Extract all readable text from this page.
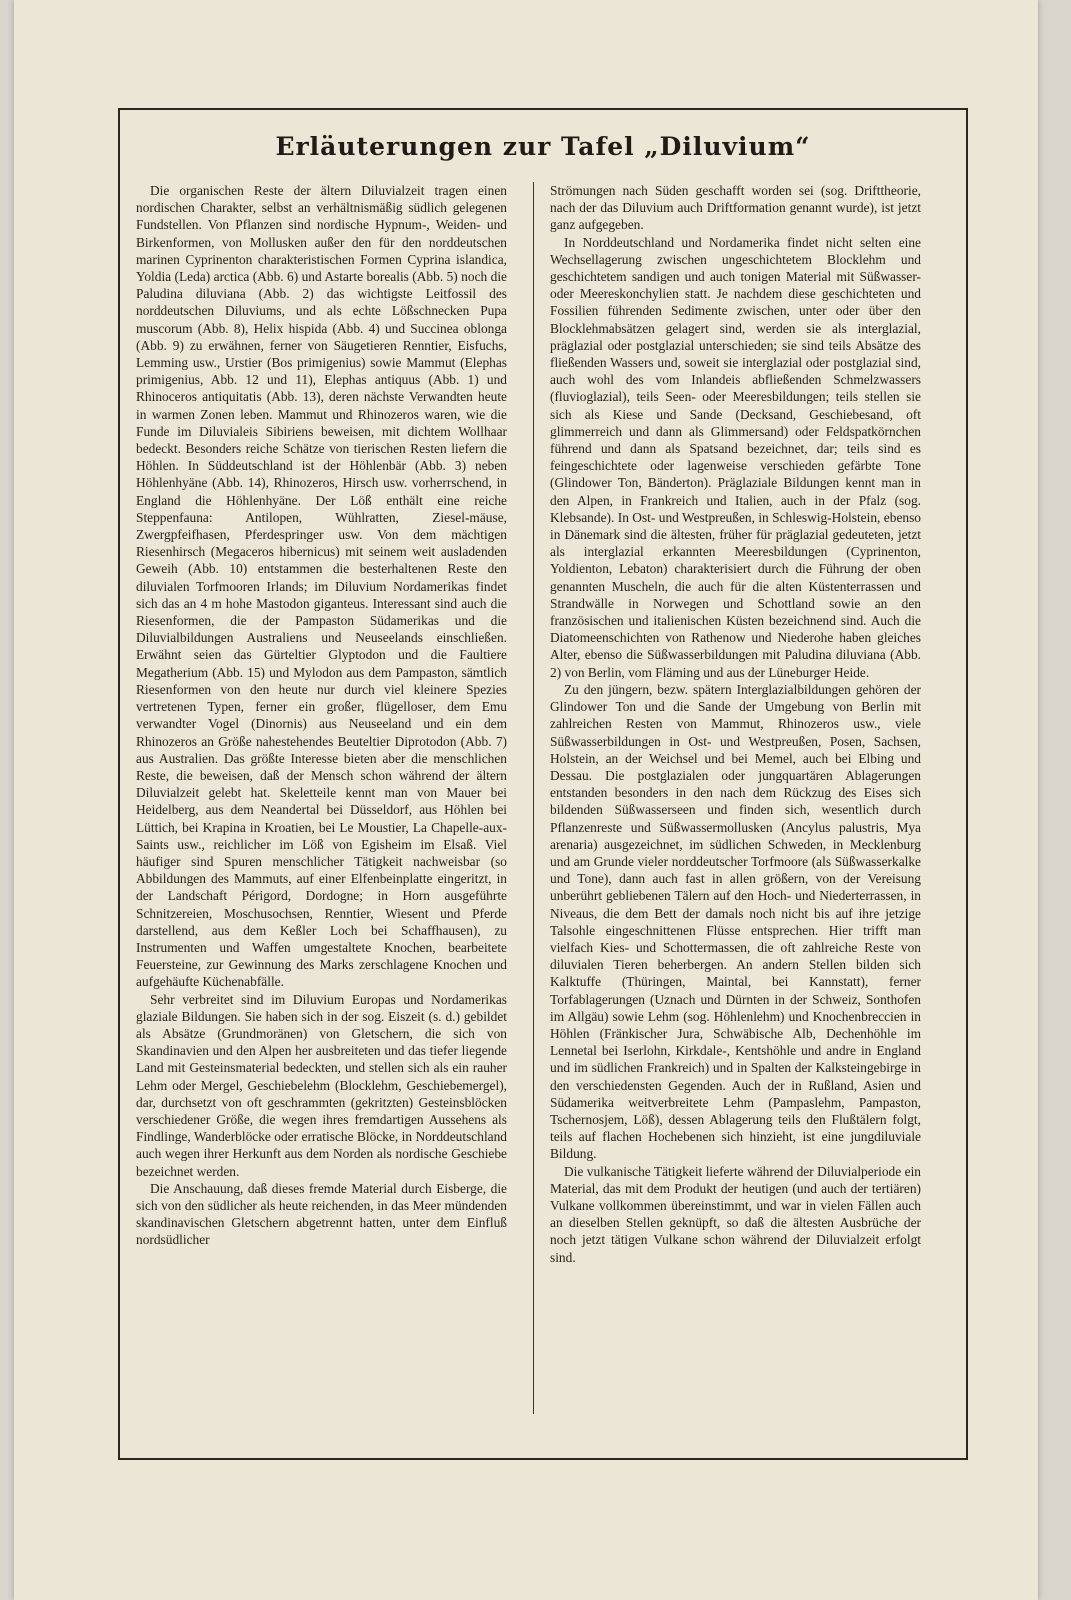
Erläuterungen zur Tafel „Diluvium“

Die organischen Reste der ältern Diluvialzeit tragen einen nordischen Charakter, selbst an verhältnismäßig südlich gelegenen Fundstellen. Von Pflanzen sind nordische Hypnum-, Weiden- und Birkenformen, von Mollusken außer den für den norddeutschen marinen Cyprinenton charakteristischen Formen Cyprina islandica, Yoldia (Leda) arctica (Abb. 6) und Astarte borealis (Abb. 5) noch die Paludina diluviana (Abb. 2) das wichtigste Leitfossil des norddeutschen Diluviums, und als echte Lößschnecken Pupa muscorum (Abb. 8), Helix hispida (Abb. 4) und Succinea oblonga (Abb. 9) zu erwähnen, ferner von Säugetieren Renntier, Eisfuchs, Lemming usw., Urstier (Bos primigenius) sowie Mammut (Elephas primigenius, Abb. 12 und 11), Elephas antiquus (Abb. 1) und Rhinoceros antiquitatis (Abb. 13), deren nächste Verwandten heute in warmen Zonen leben. Mammut und Rhinozeros waren, wie die Funde im Diluvialeis Sibiriens beweisen, mit dichtem Wollhaar bedeckt. Besonders reiche Schätze von tierischen Resten liefern die Höhlen. In Süddeutschland ist der Höhlenbär (Abb. 3) neben Höhlenhyäne (Abb. 14), Rhinozeros, Hirsch usw. vorherrschend, in England die Höhlenhyäne. Der Löß enthält eine reiche Steppenfauna: Antilopen, Wühlratten, Ziesel-mäuse, Zwergpfeifhasen, Pferdespringer usw. Von dem mächtigen Riesenhirsch (Megaceros hibernicus) mit seinem weit ausladenden Geweih (Abb. 10) entstammen die besterhaltenen Reste den diluvialen Torfmooren Irlands; im Diluvium Nordamerikas findet sich das an 4 m hohe Mastodon giganteus. Interessant sind auch die Riesenformen, die der Pampaston Südamerikas und die Diluvialbildungen Australiens und Neuseelands einschließen. Erwähnt seien das Gürteltier Glyptodon und die Faultiere Megatherium (Abb. 15) und Mylodon aus dem Pampaston, sämtlich Riesenformen von den heute nur durch viel kleinere Spezies vertretenen Typen, ferner ein großer, flügelloser, dem Emu verwandter Vogel (Dinornis) aus Neuseeland und ein dem Rhinozeros an Größe nahestehendes Beuteltier Diprotodon (Abb. 7) aus Australien. Das größte Interesse bieten aber die menschlichen Reste, die beweisen, daß der Mensch schon während der ältern Diluvialzeit gelebt hat. Skeletteile kennt man von Mauer bei Heidelberg, aus dem Neandertal bei Düsseldorf, aus Höhlen bei Lüttich, bei Krapina in Kroatien, bei Le Moustier, La Chapelle-aux-Saints usw., reichlicher im Löß von Egisheim im Elsaß. Viel häufiger sind Spuren menschlicher Tätigkeit nachweisbar (so Abbildungen des Mammuts, auf einer Elfenbeinplatte eingeritzt, in der Landschaft Périgord, Dordogne; in Horn ausgeführte Schnitzereien, Moschusochsen, Renntier, Wiesent und Pferde darstellend, aus dem Keßler Loch bei Schaffhausen), zu Instrumenten und Waffen umgestaltete Knochen, bearbeitete Feuersteine, zur Gewinnung des Marks zerschlagene Knochen und aufgehäufte Küchenabfälle.

Sehr verbreitet sind im Diluvium Europas und Nordamerikas glaziale Bildungen. Sie haben sich in der sog. Eiszeit (s. d.) gebildet als Absätze (Grundmoränen) von Gletschern, die sich von Skandinavien und den Alpen her ausbreiteten und das tiefer liegende Land mit Gesteinsmaterial bedeckten, und stellen sich als ein rauher Lehm oder Mergel, Geschiebelehm (Blocklehm, Geschiebemergel), dar, durchsetzt von oft geschrammten (gekritzten) Gesteinsblöcken verschiedener Größe, die wegen ihres fremdartigen Aussehens als Findlinge, Wanderblöcke oder erratische Blöcke, in Norddeutschland auch wegen ihrer Herkunft aus dem Norden als nordische Geschiebe bezeichnet werden.

Die Anschauung, daß dieses fremde Material durch Eisberge, die sich von den südlicher als heute reichenden, in das Meer mündenden skandinavischen Gletschern abgetrennt hatten, unter dem Einfluß nordsüdlicher

Strömungen nach Süden geschafft worden sei (sog. Drifttheorie, nach der das Diluvium auch Driftformation genannt wurde), ist jetzt ganz aufgegeben.

In Norddeutschland und Nordamerika findet nicht selten eine Wechsellagerung zwischen ungeschichtetem Blocklehm und geschichtetem sandigen und auch tonigen Material mit Süßwasser- oder Meereskonchylien statt. Je nachdem diese geschichteten und Fossilien führenden Sedimente zwischen, unter oder über den Blocklehmabsätzen gelagert sind, werden sie als interglazial, präglazial oder postglazial unterschieden; sie sind teils Absätze des fließenden Wassers und, soweit sie interglazial oder postglazial sind, auch wohl des vom Inlandeis abfließenden Schmelzwassers (fluvioglazial), teils Seen- oder Meeresbildungen; teils stellen sie sich als Kiese und Sande (Decksand, Geschiebesand, oft glimmerreich und dann als Glimmersand) oder Feldspatkörnchen führend und dann als Spatsand bezeichnet, dar; teils sind es feingeschichtete oder lagenweise verschieden gefärbte Tone (Glindower Ton, Bänderton). Präglaziale Bildungen kennt man in den Alpen, in Frankreich und Italien, auch in der Pfalz (sog. Klebsande). In Ost- und Westpreußen, in Schleswig-Holstein, ebenso in Dänemark sind die ältesten, früher für präglazial gedeuteten, jetzt als interglazial erkannten Meeresbildungen (Cyprinenton, Yoldienton, Lebaton) charakterisiert durch die Führung der oben genannten Muscheln, die auch für die alten Küstenterrassen und Strandwälle in Norwegen und Schottland sowie an den französischen und italienischen Küsten bezeichnend sind. Auch die Diatomeenschichten von Rathenow und Niederohe haben gleiches Alter, ebenso die Süßwasserbildungen mit Paludina diluviana (Abb. 2) von Berlin, vom Fläming und aus der Lüneburger Heide.

Zu den jüngern, bezw. spätern Interglazialbildungen gehören der Glindower Ton und die Sande der Umgebung von Berlin mit zahlreichen Resten von Mammut, Rhinozeros usw., viele Süßwasserbildungen in Ost- und Westpreußen, Posen, Sachsen, Holstein, an der Weichsel und bei Memel, auch bei Elbing und Dessau. Die postglazialen oder jungquartären Ablagerungen entstanden besonders in den nach dem Rückzug des Eises sich bildenden Süßwasserseen und finden sich, wesentlich durch Pflanzenreste und Süßwassermollusken (Ancylus palustris, Mya arenaria) ausgezeichnet, im südlichen Schweden, in Mecklenburg und am Grunde vieler norddeutscher Torfmoore (als Süßwasserkalke und Tone), dann auch fast in allen größern, von der Vereisung unberührt gebliebenen Tälern auf den Hoch- und Niederterrassen, in Niveaus, die dem Bett der damals noch nicht bis auf ihre jetzige Talsohle eingeschnittenen Flüsse entsprechen. Hier trifft man vielfach Kies- und Schottermassen, die oft zahlreiche Reste von diluvialen Tieren beherbergen. An andern Stellen bilden sich Kalktuffe (Thüringen, Maintal, bei Kannstatt), ferner Torfablagerungen (Uznach und Dürnten in der Schweiz, Sonthofen im Allgäu) sowie Lehm (sog. Höhlenlehm) und Knochenbreccien in Höhlen (Fränkischer Jura, Schwäbische Alb, Dechenhöhle im Lennetal bei Iserlohn, Kirkdale-, Kentshöhle und andre in England und im südlichen Frankreich) und in Spalten der Kalksteingebirge in den verschiedensten Gegenden. Auch der in Rußland, Asien und Südamerika weitverbreitete Lehm (Pampaslehm, Pampaston, Tschernosjem, Löß), dessen Ablagerung teils den Flußtälern folgt, teils auf flachen Hochebenen sich hinzieht, ist eine jungdiluviale Bildung.

Die vulkanische Tätigkeit lieferte während der Diluvialperiode ein Material, das mit dem Produkt der heutigen (und auch der tertiären) Vulkane vollkommen übereinstimmt, und war in vielen Fällen auch an dieselben Stellen geknüpft, so daß die ältesten Ausbrüche der noch jetzt tätigen Vulkane schon während der Diluvialzeit erfolgt sind.
